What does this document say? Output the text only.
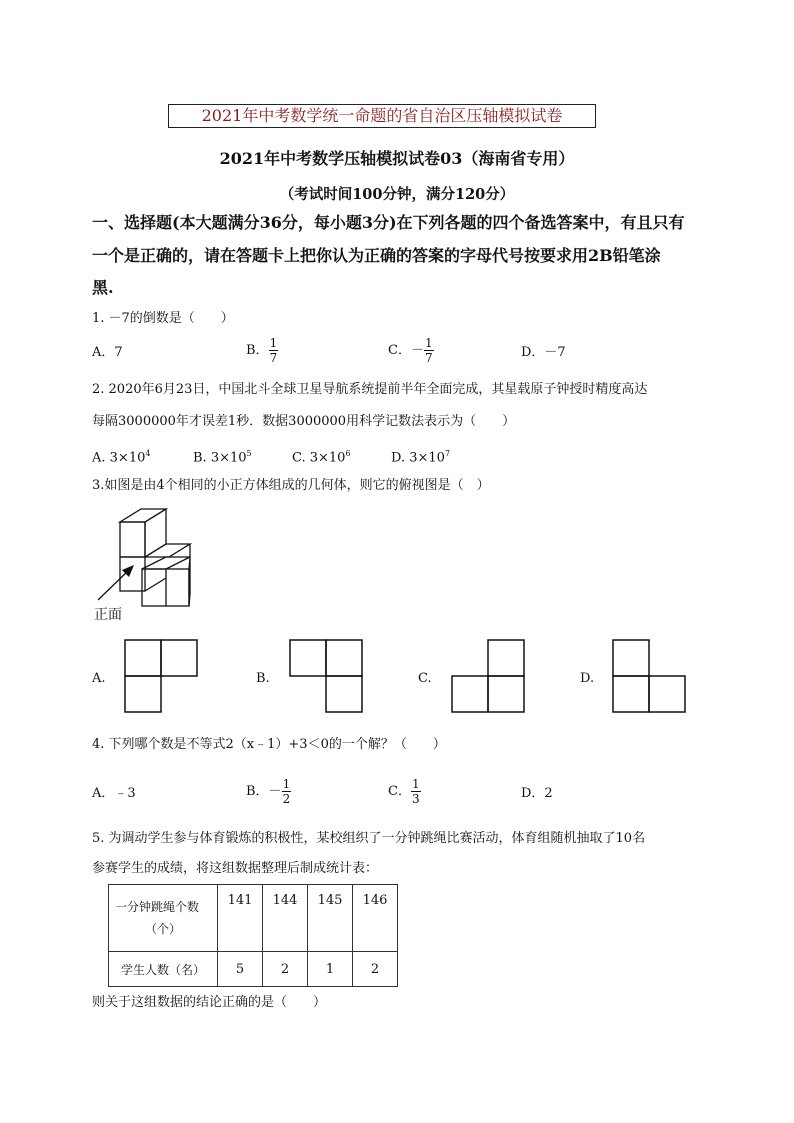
2021年中考数学统一命题的省自治区压轴模拟试卷
2021年中考数学压轴模拟试卷03（海南省专用）
（考试时间100分钟，满分120分）
一、选择题(本大题满分36分，每小题3分)在下列各题的四个备选答案中，有且只有
一个是正确的，请在答题卡上把你认为正确的答案的字母代号按要求用2B铅笔涂
黑.
1. －7的倒数是（　　）
A．7	B． $\frac{1}{7}$	C．－ $\frac{1}{7}$	D．－7
2. 2020年6月23日，中国北斗全球卫星导航系统提前半年全面完成，其星载原子钟授时精度高达
每隔3000000年才误差1秒．数据3000000用科学记数法表示为（　　）
A. $3\times 10^4$	B. $3\times 10^5$	C. $3\times 10^6$	D. $3\times 10^7$
3.如图是由4个相同的小正方体组成的几何体，则它的俯视图是（　）
正面
A.	B.	C.	D.
4. 下列哪个数是不等式2（x﹣1）+3＜0的一个解？（　　）
A．﹣3	B．－ $\frac{1}{2}$	C． $\frac{1}{3}$	D．2
5. 为调动学生参与体育锻炼的积极性，某校组织了一分钟跳绳比赛活动，体育组随机抽取了10名
参赛学生的成绩，将这组数据整理后制成统计表：
一分钟跳绳个数
（个）	141	144	145	146
学生人数（名）	5	2	1	2
则关于这组数据的结论正确的是（　　）
